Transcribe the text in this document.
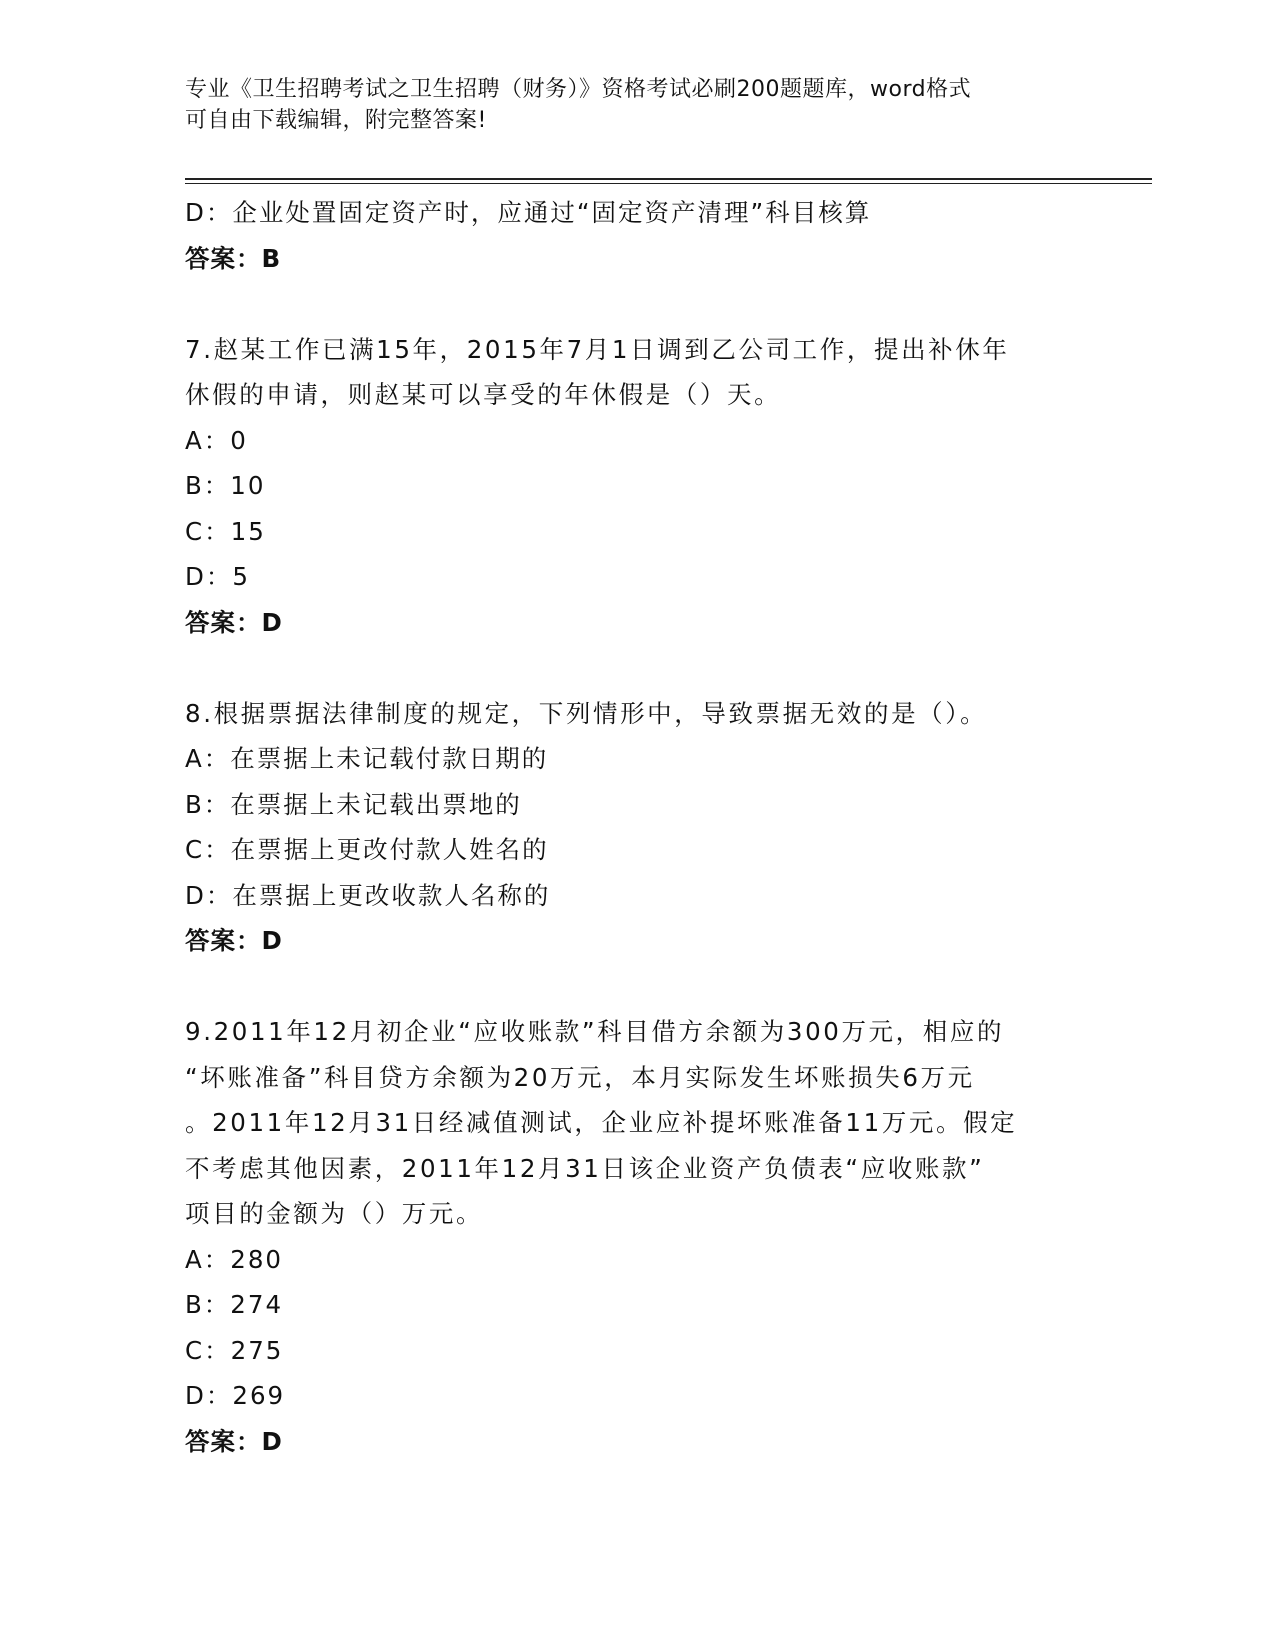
专业《卫生招聘考试之卫生招聘（财务）》资格考试必刷200题题库，word格式
可自由下载编辑，附完整答案!
D：企业处置固定资产时，应通过“固定资产清理”科目核算
答案：B
7.赵某工作已满15年，2015年7月1日调到乙公司工作，提出补休年
休假的申请，则赵某可以享受的年休假是（）天。
A：0
B：10
C：15
D：5
答案：D
8.根据票据法律制度的规定，下列情形中，导致票据无效的是（）。
A：在票据上未记载付款日期的
B：在票据上未记载出票地的
C：在票据上更改付款人姓名的
D：在票据上更改收款人名称的
答案：D
9.2011年12月初企业“应收账款”科目借方余额为300万元，相应的
“坏账准备”科目贷方余额为20万元，本月实际发生坏账损失6万元
。2011年12月31日经减值测试，企业应补提坏账准备11万元。假定
不考虑其他因素，2011年12月31日该企业资产负债表“应收账款”
项目的金额为（）万元。
A：280
B：274
C：275
D：269
答案：D
